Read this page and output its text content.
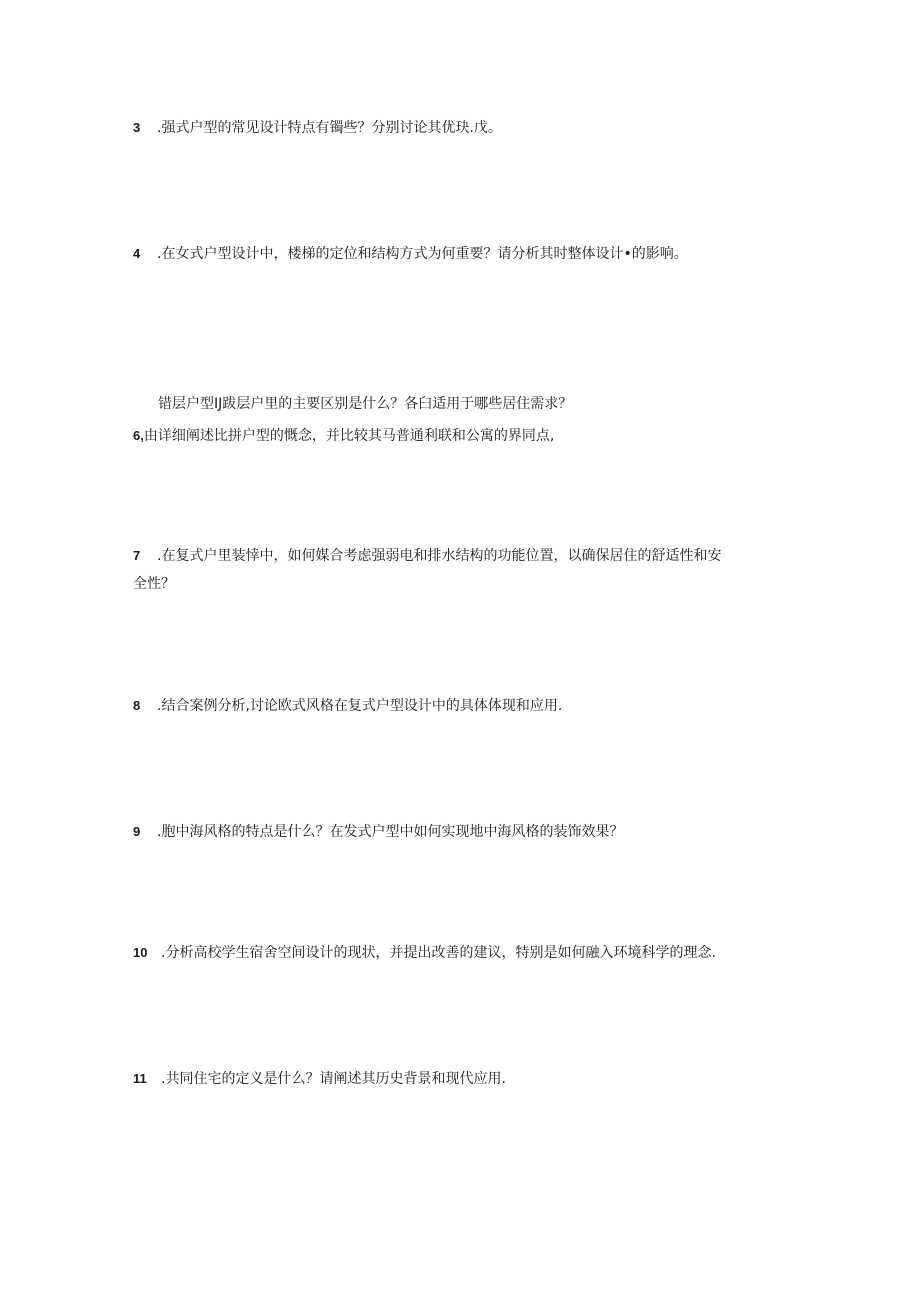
3 .强式户型的常见设计特点有镯些？分别讨论其优玦.戊。
4 .在女式户型设计中，楼梯的定位和结构方式为何重要？请分析其时整体设计•的影响。
错层户型IJ跋层户里的主要区别是什么？各臼适用于哪些居住需求？
6,由详细阐述比拼户型的慨念，并比较其马普通利联和公寓的界同点,
7 .在复式户里装悻中，如何媒合考虑强弱电和排水结构的功能位置，以确保居住的舒适性和安
全性？
8 .结合案例分析,讨论欧式风格在复式户型设计中的具体体现和应用.
9 .胞中海风格的特点是什么？在发式户型中如何实现地中海风格的装饰效果？
10 .分析高校学生宿舍空间设计的现状，并提出改善的建议，特别是如何融入环境科学的理念.
11 .共同住宅的定义是什么？请阐述其历史背景和现代应用.
